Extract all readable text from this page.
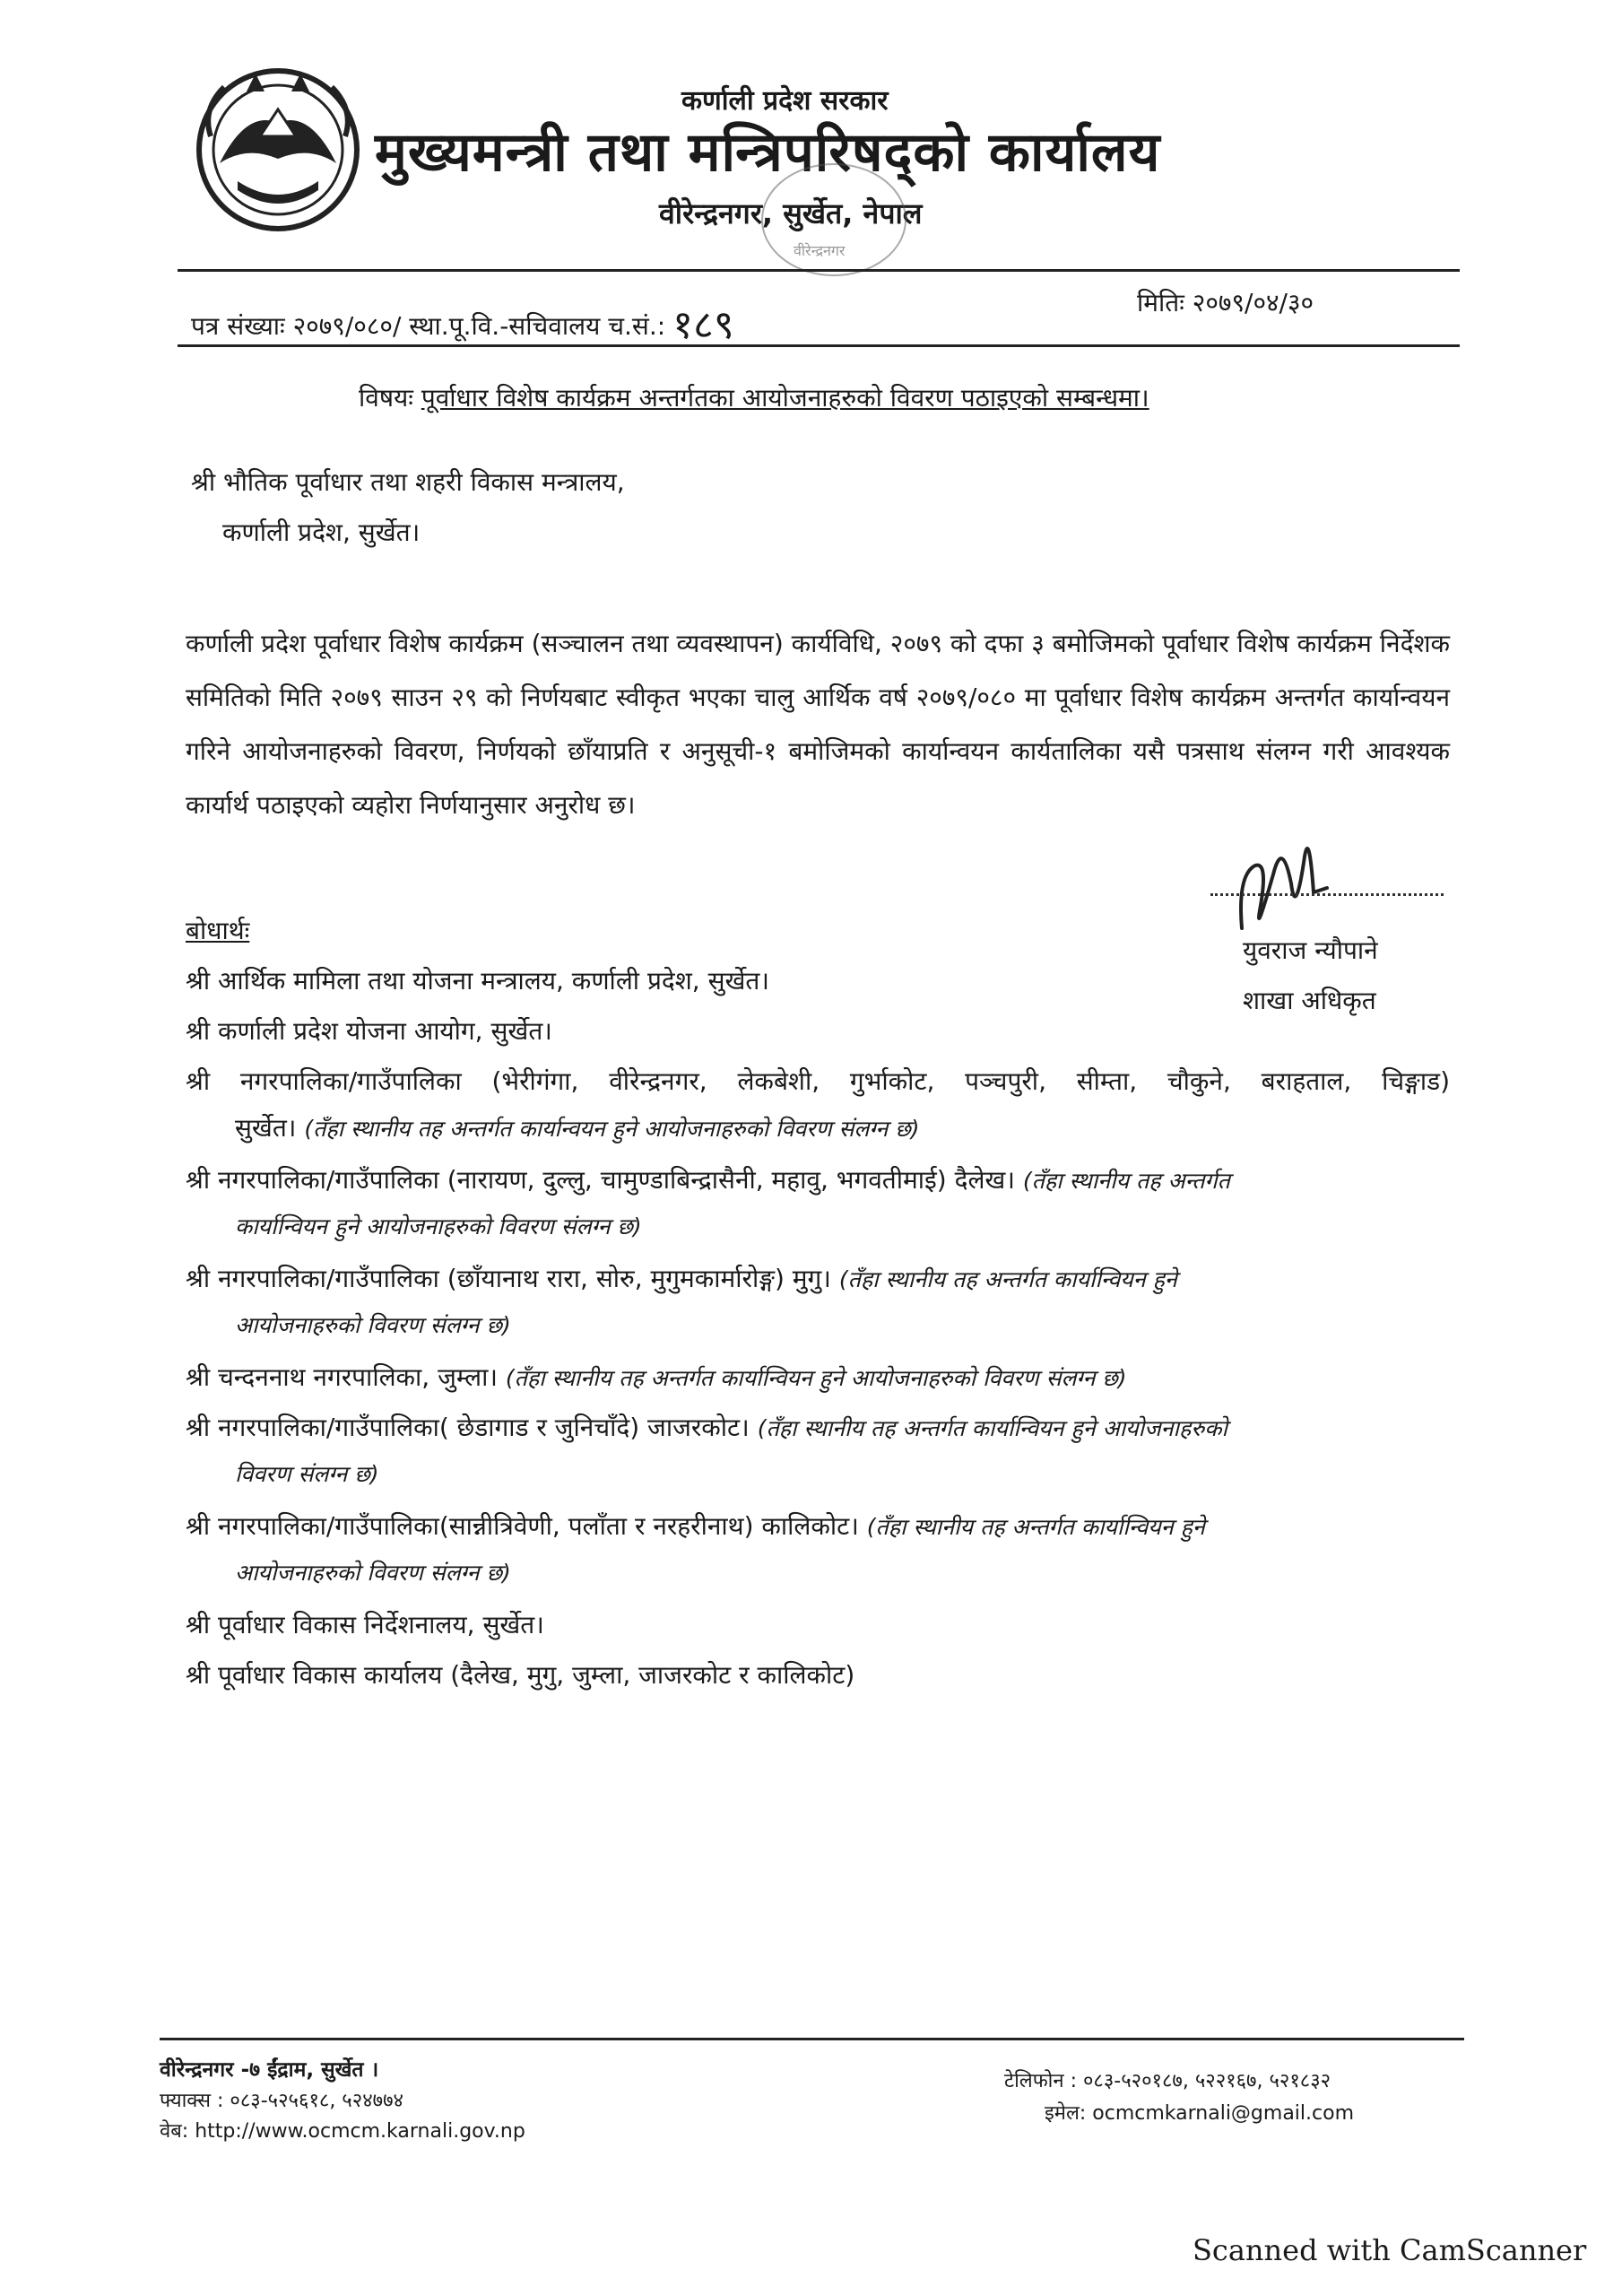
कर्णाली प्रदेश सरकार
मुख्यमन्त्री तथा मन्त्रिपरिषद्को कार्यालय
वीरेन्द्रनगर, सुर्खेत, नेपाल
वीरेन्द्रनगर
पत्र संख्याः २०७९/०८०/ स्था.पू.वि.-सचिवालय च.सं.: १८९	मितिः २०७९/०४/३०
विषयः पूर्वाधार विशेष कार्यक्रम अन्तर्गतका आयोजनाहरुको विवरण पठाइएको सम्बन्धमा।
श्री भौतिक पूर्वाधार तथा शहरी विकास मन्त्रालय,
कर्णाली प्रदेश, सुर्खेत।
कर्णाली प्रदेश पूर्वाधार विशेष कार्यक्रम (सञ्चालन तथा व्यवस्थापन) कार्यविधि, २०७९ को दफा ३ बमोजिमको पूर्वाधार विशेष कार्यक्रम निर्देशक समितिको मिति २०७९ साउन २९ को निर्णयबाट स्वीकृत भएका चालु आर्थिक वर्ष २०७९/०८० मा पूर्वाधार विशेष कार्यक्रम अन्तर्गत कार्यान्वयन गरिने आयोजनाहरुको विवरण, निर्णयको छाँयाप्रति र अनुसूची-१ बमोजिमको कार्यान्वयन कार्यतालिका यसै पत्रसाथ संलग्न गरी आवश्यक कार्यार्थ पठाइएको व्यहोरा निर्णयानुसार अनुरोध छ।
युवराज न्यौपाने
शाखा अधिकृत
बोधार्थः
श्री आर्थिक मामिला तथा योजना मन्त्रालय, कर्णाली प्रदेश, सुर्खेत।
श्री कर्णाली प्रदेश योजना आयोग, सुर्खेत।
श्री नगरपालिका/गाउँपालिका (भेरीगंगा, वीरेन्द्रनगर, लेकबेशी, गुर्भाकोट, पञ्चपुरी, सीम्ता, चौकुने, बराहताल, चिङ्गाड)
सुर्खेत। (तँहा स्थानीय तह अन्तर्गत कार्यान्वयन हुने आयोजनाहरुको विवरण संलग्न छ)
श्री नगरपालिका/गाउँपालिका (नारायण, दुल्लु, चामुण्डाबिन्द्रासैनी, महावु, भगवतीमाई) दैलेख। (तँहा स्थानीय तह अन्तर्गत
कार्यान्वियन हुने आयोजनाहरुको विवरण संलग्न छ)
श्री नगरपालिका/गाउँपालिका (छाँयानाथ रारा, सोरु, मुगुमकार्मारोङ्ग) मुगु। (तँहा स्थानीय तह अन्तर्गत कार्यान्वियन हुने
आयोजनाहरुको विवरण संलग्न छ)
श्री चन्दननाथ नगरपालिका, जुम्ला। (तँहा स्थानीय तह अन्तर्गत कार्यान्वियन हुने आयोजनाहरुको विवरण संलग्न छ)
श्री नगरपालिका/गाउँपालिका( छेडागाड र जुनिचाँदे) जाजरकोट। (तँहा स्थानीय तह अन्तर्गत कार्यान्वियन हुने आयोजनाहरुको
विवरण संलग्न छ)
श्री नगरपालिका/गाउँपालिका(सान्नीत्रिवेणी, पलाँता र नरहरीनाथ) कालिकोट। (तँहा स्थानीय तह अन्तर्गत कार्यान्वियन हुने
आयोजनाहरुको विवरण संलग्न छ)
श्री पूर्वाधार विकास निर्देशनालय, सुर्खेत।
श्री पूर्वाधार विकास कार्यालय (दैलेख, मुगु, जुम्ला, जाजरकोट र कालिकोट)
वीरेन्द्रनगर -७ ईंद्राम, सुर्खेत ।
फ्याक्स : ०८३-५२५६१८, ५२४७७४
वेब: http://www.ocmcm.karnali.gov.np
टेलिफोन : ०८३-५२०१८७, ५२२१६७, ५२१८३२
इमेल: ocmcmkarnali@gmail.com
Scanned with CamScanner
